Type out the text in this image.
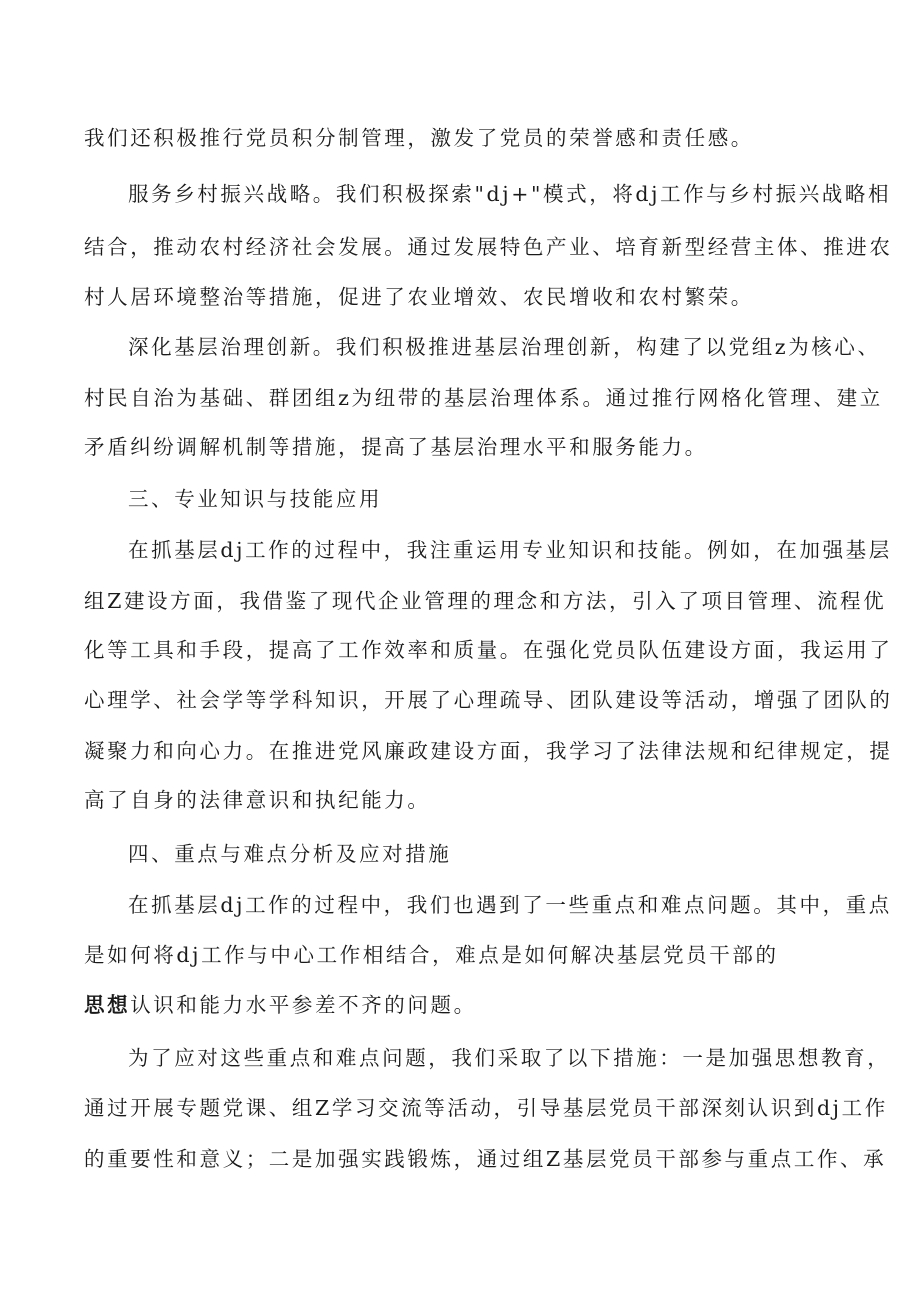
我们还积极推行党员积分制管理，激发了党员的荣誉感和责任感。
服务乡村振兴战略。我们积极探索"dj+"模式，将dj工作与乡村振兴战略相
结合，推动农村经济社会发展。通过发展特色产业、培育新型经营主体、推进农
村人居环境整治等措施，促进了农业增效、农民增收和农村繁荣。
深化基层治理创新。我们积极推进基层治理创新，构建了以党组z为核心、
村民自治为基础、群团组z为纽带的基层治理体系。通过推行网格化管理、建立
矛盾纠纷调解机制等措施，提高了基层治理水平和服务能力。
三、专业知识与技能应用
在抓基层dj工作的过程中，我注重运用专业知识和技能。例如，在加强基层
组Z建设方面，我借鉴了现代企业管理的理念和方法，引入了项目管理、流程优
化等工具和手段，提高了工作效率和质量。在强化党员队伍建设方面，我运用了
心理学、社会学等学科知识，开展了心理疏导、团队建设等活动，增强了团队的
凝聚力和向心力。在推进党风廉政建设方面，我学习了法律法规和纪律规定，提
高了自身的法律意识和执纪能力。
四、重点与难点分析及应对措施
在抓基层dj工作的过程中，我们也遇到了一些重点和难点问题。其中，重点
是如何将dj工作与中心工作相结合，难点是如何解决基层党员干部的
思想认识和能力水平参差不齐的问题。
为了应对这些重点和难点问题，我们采取了以下措施：一是加强思想教育，
通过开展专题党课、组Z学习交流等活动，引导基层党员干部深刻认识到dj工作
的重要性和意义；二是加强实践锻炼，通过组Z基层党员干部参与重点工作、承
